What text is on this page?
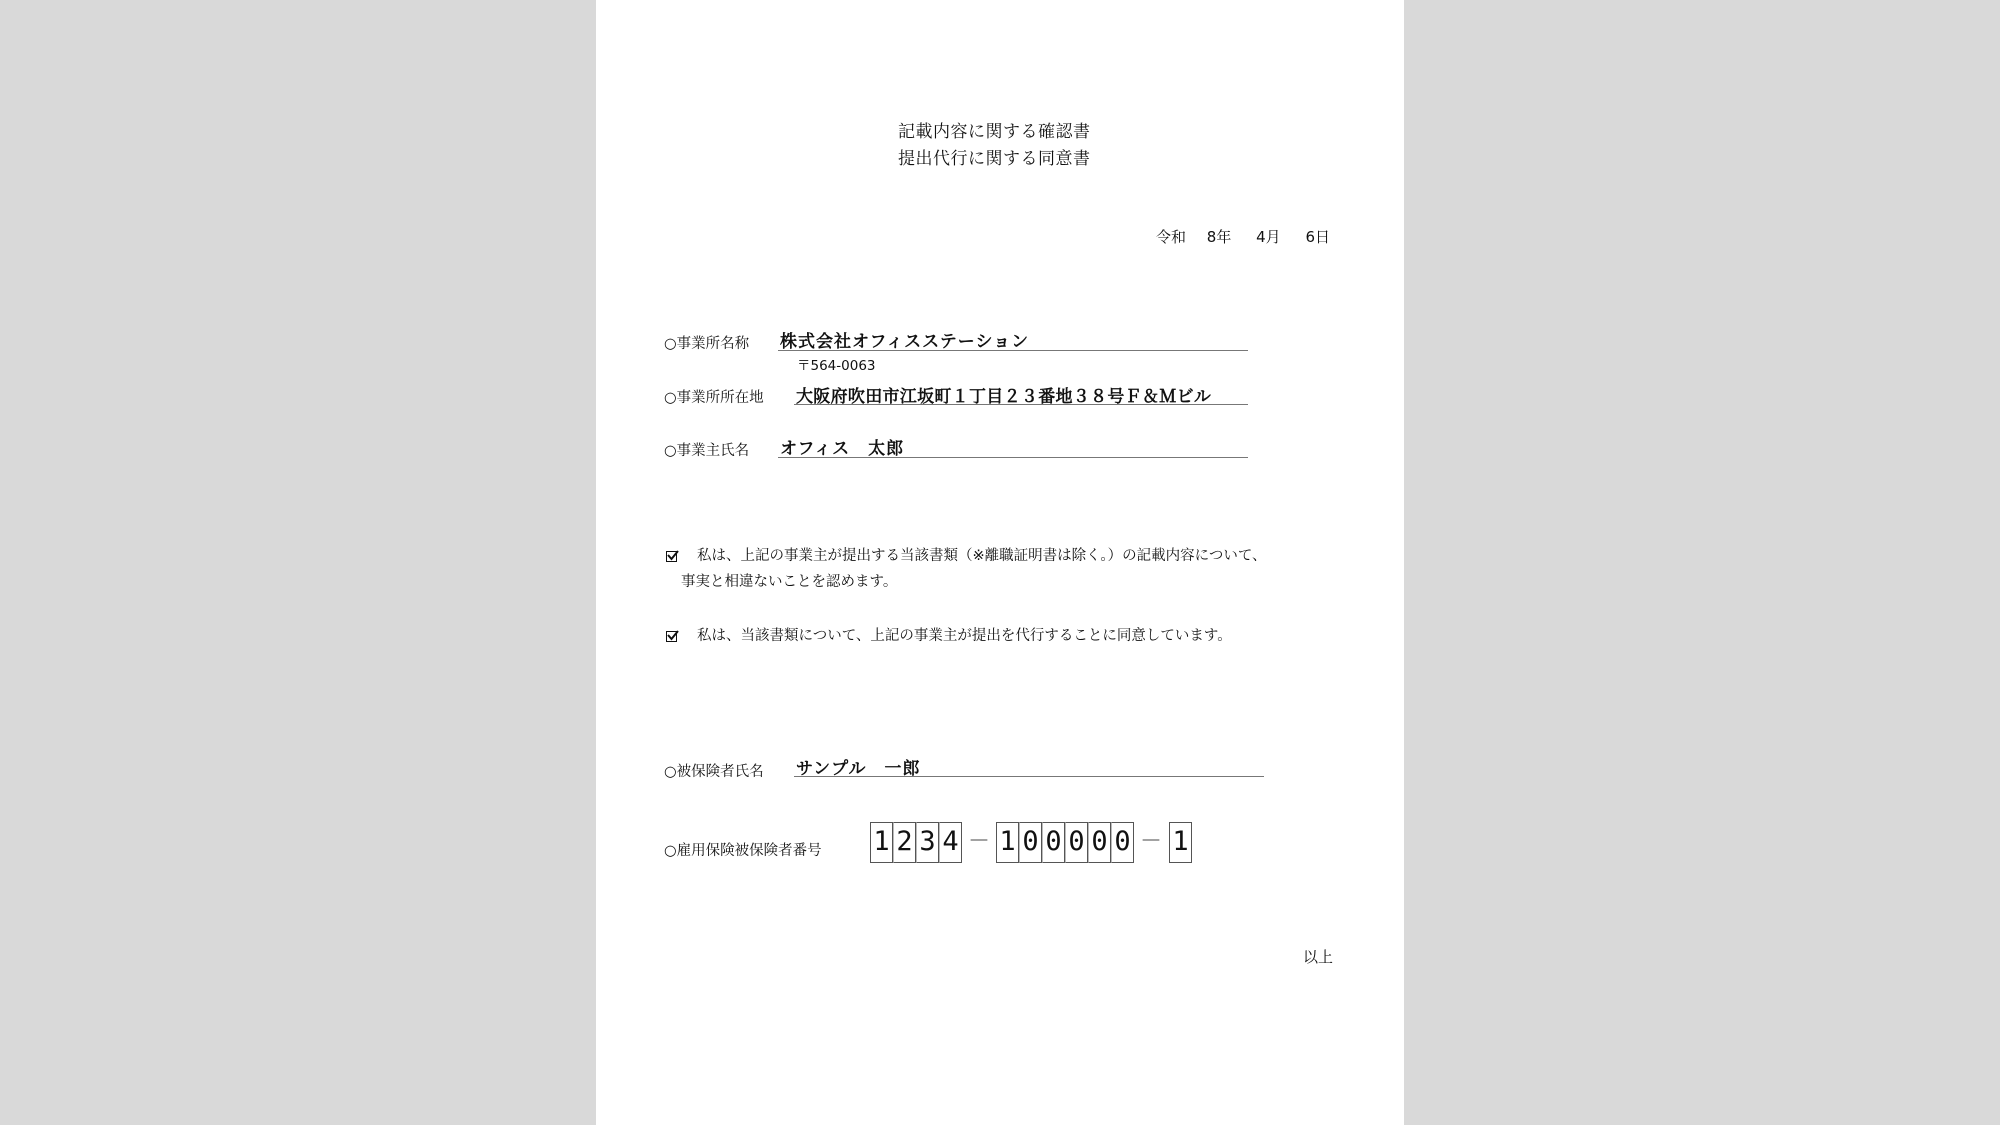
記載内容に関する確認書
提出代行に関する同意書
令和 8年 4月 6日
○事業所名称 株式会社オフィスステーション
〒564-0063
○事業所所在地 大阪府吹田市江坂町１丁目２３番地３８号Ｆ＆Ｍビル
○事業主氏名 オフィス　太郎
私は、上記の事業主が提出する当該書類（※離職証明書は除く。）の記載内容について、
事実と相違ないことを認めます。
私は、当該書類について、上記の事業主が提出を代行することに同意しています。
○被保険者氏名 サンプル　一郎
○雇用保険被保険者番号 1 2 3 4 － 1 0 0 0 0 0 － 1
以上
